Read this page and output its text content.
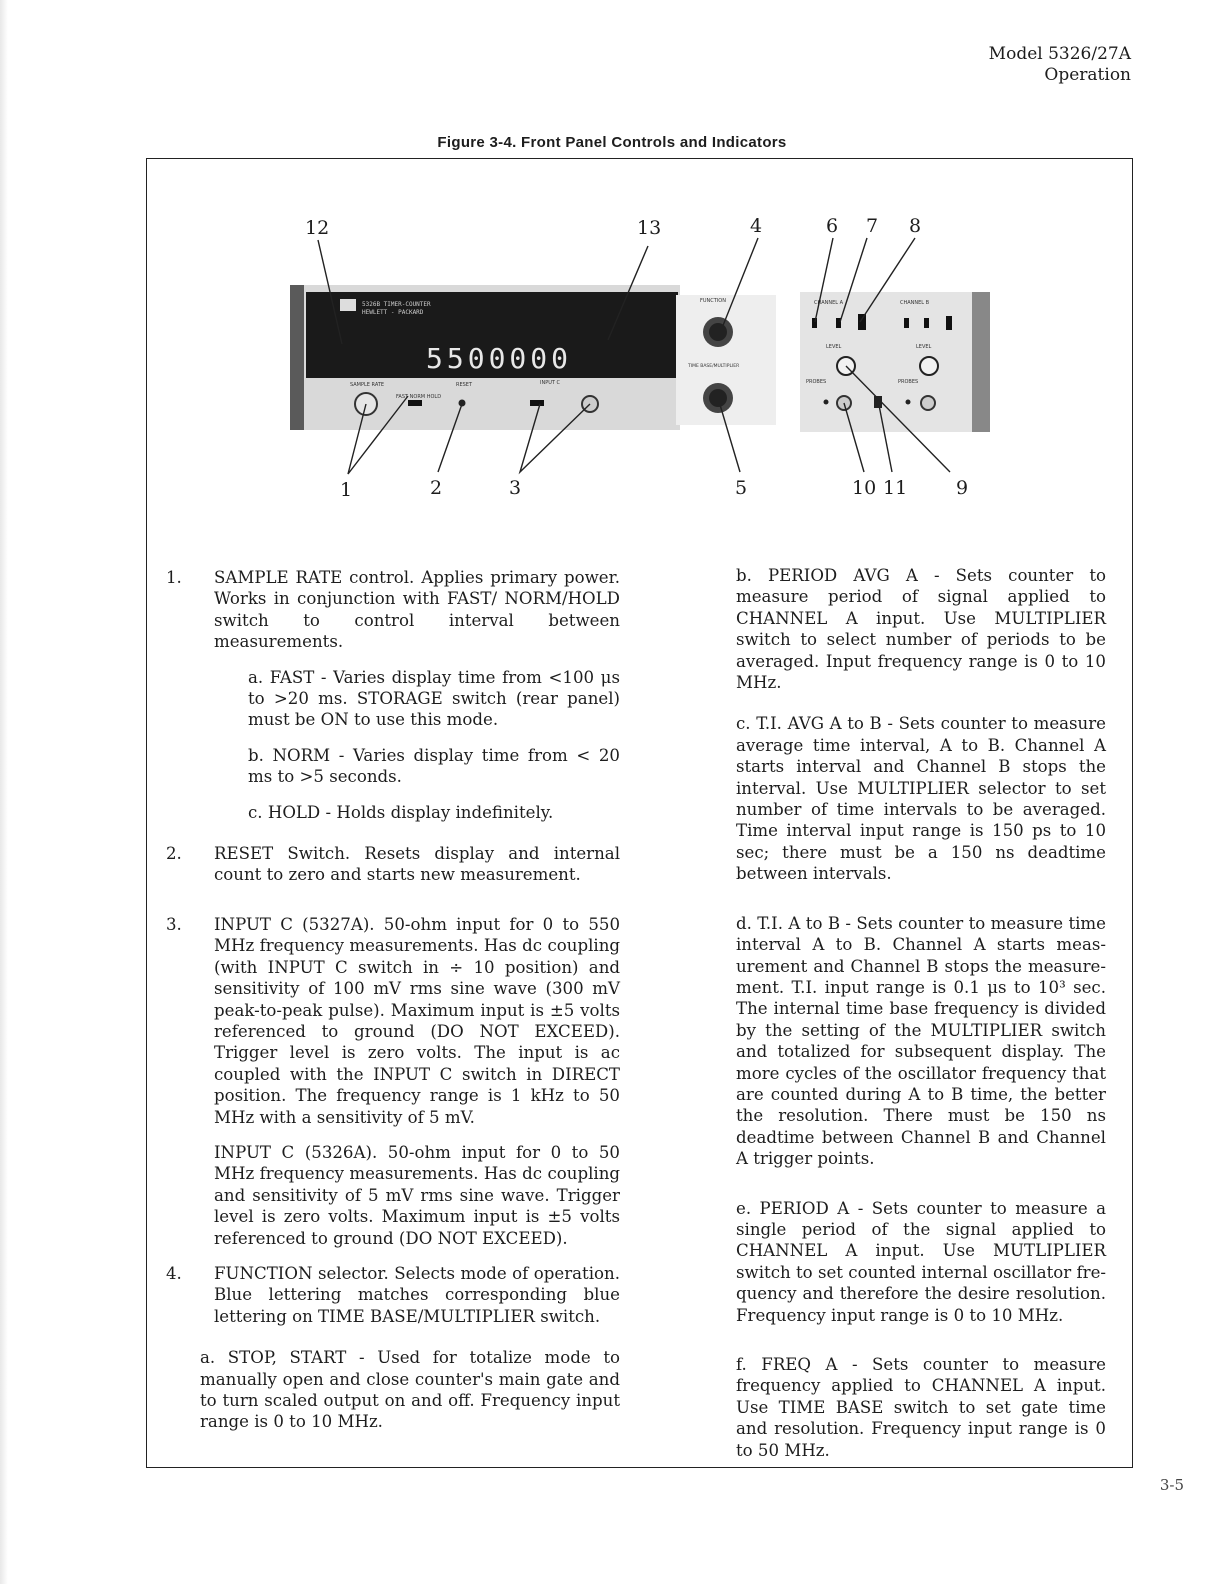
Model 5326/27A
Operation
Figure 3-4. Front Panel Controls and Indicators
5326B TIMER-COUNTER
HEWLETT - PACKARD
5500000
SAMPLE RATE
FAST NORM HOLD
RESET	INPUT C
FUNCTION
TIME BASE/MULTIPLIER
CHANNEL A	CHANNEL B
LEVEL	LEVEL
PROBES	PROBES
12	13	4	6 7 8
1	2	3	5	10 11	9
1. SAMPLE RATE control. Applies primary power. Works in conjunction with FAST/ NORM/HOLD switch to control interval between measurements.

a. FAST - Varies display time from <100 μs to >20 ms. STORAGE switch (rear panel) must be ON to use this mode.

b. NORM - Varies display time from < 20 ms to >5 seconds.

c. HOLD - Holds display indefinitely.

2. RESET Switch. Resets display and internal count to zero and starts new measurement.

3. INPUT C (5327A). 50-ohm input for 0 to 550 MHz frequency measurements. Has dc coupling (with INPUT C switch in ÷ 10 position) and sensitivity of 100 mV rms sine wave (300 mV peak-to-peak pulse). Maximum input is ±5 volts referenced to ground (DO NOT EXCEED). Trigger level is zero volts. The input is ac coupled with the INPUT C switch in DIRECT position. The frequency range is 1 kHz to 50 MHz with a sensitivity of 5 mV.

INPUT C (5326A). 50-ohm input for 0 to 50 MHz frequency measurements. Has dc coupling and sensitivity of 5 mV rms sine wave. Trigger level is zero volts. Maximum input is ±5 volts referenced to ground (DO NOT EXCEED).

4. FUNCTION selector. Selects mode of operation. Blue lettering matches corresponding blue lettering on TIME BASE/MULTIPLIER switch.

a. STOP, START - Used for totalize mode to manually open and close counter's main gate and to turn scaled output on and off. Frequency input range is 0 to 10 MHz.

b. PERIOD AVG A - Sets counter to measure period of signal applied to CHANNEL A input. Use MULTIPLIER switch to select number of periods to be averaged. Input frequency range is 0 to 10 MHz.

c. T.I. AVG A to B - Sets counter to measure average time interval, A to B. Channel A starts interval and Channel B stops the interval. Use MULTIPLIER selector to set number of time intervals to be averaged. Time interval input range is 150 ps to 10 sec; there must be a 150 ns deadtime between intervals.

d. T.I. A to B - Sets counter to measure time interval A to B. Channel A starts measurement and Channel B stops the measurement. T.I. input range is 0.1 μs to 10³ sec. The internal time base frequency is divided by the setting of the MULTIPLIER switch and totalized for subsequent display. The more cycles of the oscillator frequency that are counted during A to B time, the better the resolution. There must be 150 ns deadtime between Channel B and Channel A trigger points.

e. PERIOD A - Sets counter to measure a single period of the signal applied to CHANNEL A input. Use MUTLIPLIER switch to set counted internal oscillator frequency and therefore the desire resolution. Frequency input range is 0 to 10 MHz.

f. FREQ A - Sets counter to measure frequency applied to CHANNEL A input. Use TIME BASE switch to set gate time and resolution. Frequency input range is 0 to 50 MHz.

3-5
